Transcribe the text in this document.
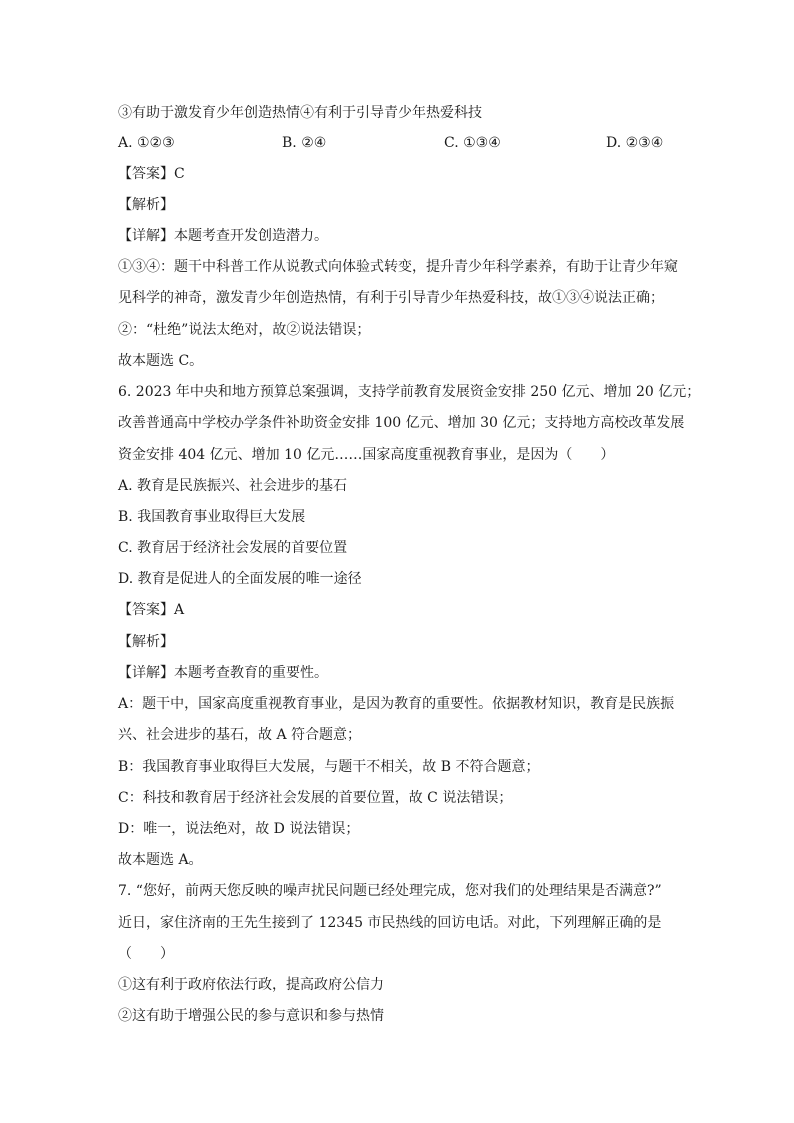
③有助于激发育少年创造热情④有利于引导青少年热爱科技
A. ①②③	B. ②④	C. ①③④	D. ②③④
【答案】C
【解析】
【详解】本题考查开发创造潜力。
①③④：题干中科普工作从说教式向体验式转变，提升青少年科学素养，有助于让青少年窥
见科学的神奇，激发青少年创造热情，有利于引导青少年热爱科技，故①③④说法正确；
②：“杜绝”说法太绝对，故②说法错误；
故本题选 C。
6. 2023 年中央和地方预算总案强调，支持学前教育发展资金安排 250 亿元、增加 20 亿元；
改善普通高中学校办学条件补助资金安排 100 亿元、增加 30 亿元；支持地方高校改革发展
资金安排 404 亿元、增加 10 亿元……国家高度重视教育事业，是因为（　　）
A. 教育是民族振兴、社会进步的基石
B. 我国教育事业取得巨大发展
C. 教育居于经济社会发展的首要位置
D. 教育是促进人的全面发展的唯一途径
【答案】A
【解析】
【详解】本题考查教育的重要性。
A：题干中，国家高度重视教育事业，是因为教育的重要性。依据教材知识，教育是民族振
兴、社会进步的基石，故 A 符合题意；
B：我国教育事业取得巨大发展，与题干不相关，故 B 不符合题意；
C：科技和教育居于经济社会发展的首要位置，故 C 说法错误；
D：唯一，说法绝对，故 D 说法错误；
故本题选 A。
7. “您好，前两天您反映的噪声扰民问题已经处理完成，您对我们的处理结果是否满意?”
近日，家住济南的王先生接到了 12345 市民热线的回访电话。对此，下列理解正确的是
（　　）
①这有利于政府依法行政，提高政府公信力
②这有助于增强公民的参与意识和参与热情
